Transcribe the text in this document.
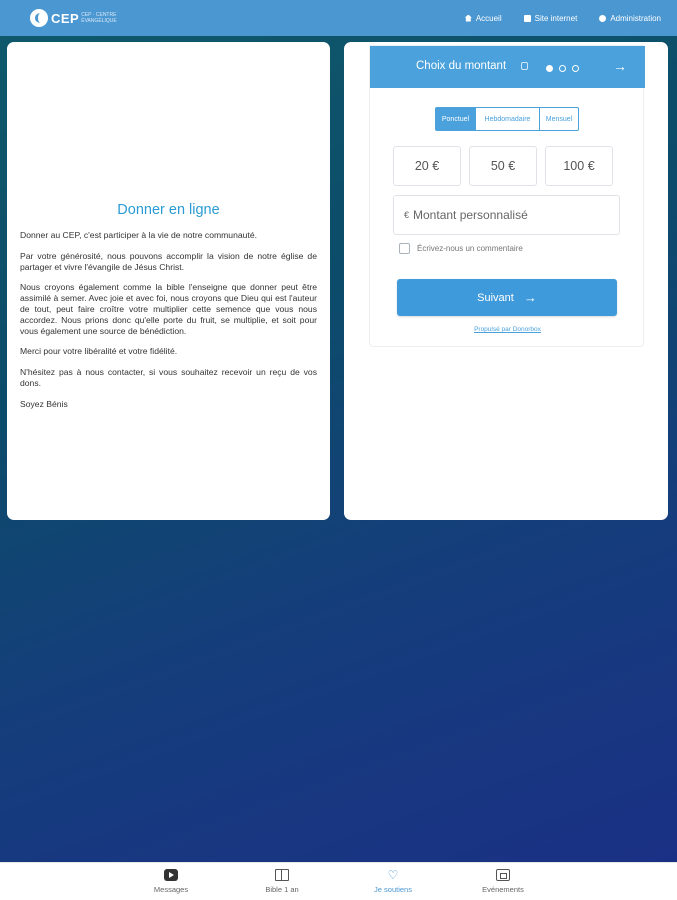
CEP CEP · CENTRE ÉVANGÉLIQUE	Accueil	Site internet	Administration
Donner en ligne

Donner au CEP, c'est participer à la vie de notre communauté.

Par votre générosité, nous pouvons accomplir la vision de notre église de partager et vivre l'évangile de Jésus Christ.

Nous croyons également comme la bible l'enseigne que donner peut être assimilé à semer. Avec joie et avec foi, nous croyons que Dieu qui est l'auteur de tout, peut faire croître votre multiplier cette semence que vous nous accordez. Nous prions donc qu'elle porte du fruit, se multiplie, et soit pour vous également une source de bénédiction.

Merci pour votre libéralité et votre fidélité.

N'hésitez pas à nous contacter, si vous souhaitez recevoir un reçu de vos dons.

Soyez Bénis

Choix du montant	→
Ponctuel	Hebdomadaire	Mensuel
20 €	50 €	100 €
€ Montant personnalisé
Écrivez-nous un commentaire
Suivant →
Propulsé par Donorbox
Messages	Bible 1 an
♡
Je soutiens	Evénements
